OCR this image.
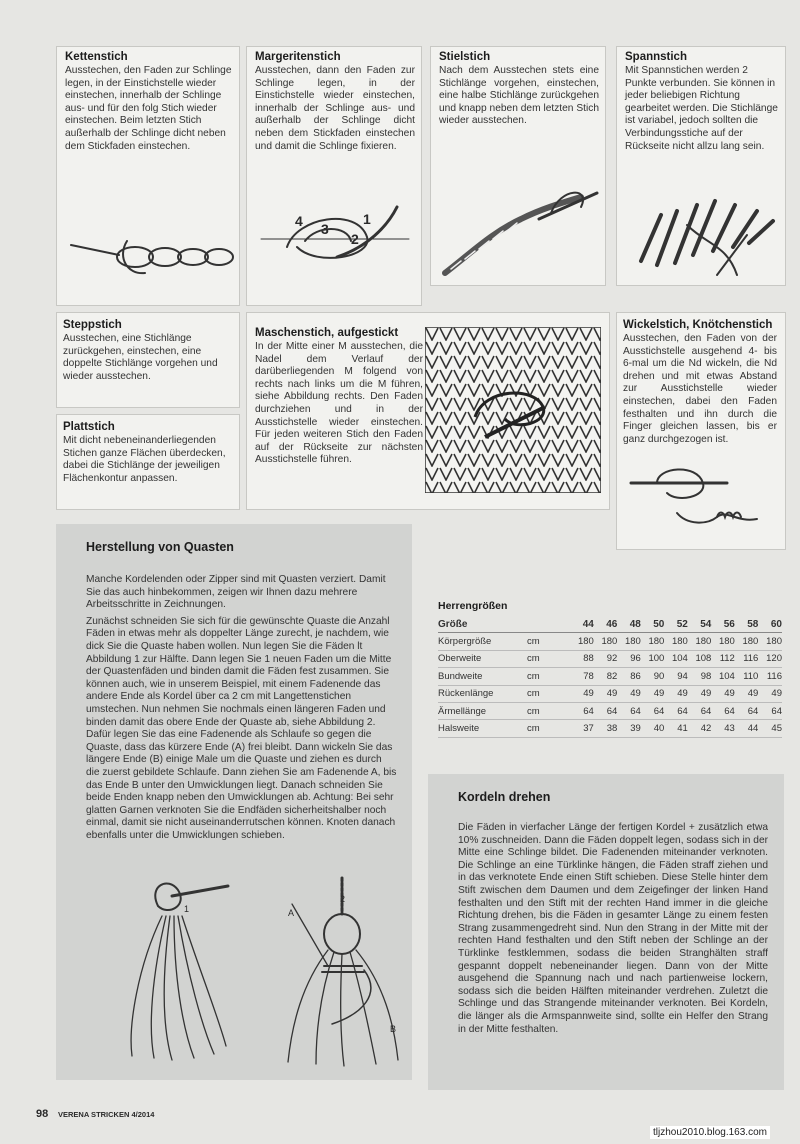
Kettenstich

Ausstechen, den Faden zur Schlinge legen, in der Einstichstelle wieder einstechen, innerhalb der Schlinge aus- und für den folg Stich wieder einstechen. Beim letzten Stich außerhalb der Schlinge dicht neben dem Stickfaden einstechen.

Margeritenstich

Ausstechen, dann den Faden zur Schlinge legen, in der Einstichstelle wieder einstechen, innerhalb der Schlinge aus- und außerhalb der Schlinge dicht neben dem Stickfaden einstechen und damit die Schlinge fixieren.

4 3
2
1
Stielstich

Nach dem Ausstechen stets eine Stichlänge vorgehen, einstechen, eine halbe Stichlänge zurückgehen und knapp neben dem letzten Stich wieder ausstechen.

Spannstich

Mit Spannstichen werden 2 Punkte verbunden. Sie können in jeder beliebigen Richtung gearbeitet werden. Die Stichlänge ist variabel, jedoch sollten die Verbindungsstiche auf der Rückseite nicht allzu lang sein.

Steppstich

Ausstechen, eine Stichlänge zurückgehen, einstechen, eine doppelte Stichlänge vorgehen und wieder ausstechen.

Plattstich

Mit dicht nebeneinanderliegenden Stichen ganze Flächen überdecken, dabei die Stichlänge der jeweiligen Flächenkontur anpassen.

Maschenstich, aufgestickt

In der Mitte einer M ausstechen, die Nadel dem Verlauf der darüberliegenden M folgend von rechts nach links um die M führen, siehe Abbildung rechts. Den Faden durchziehen und in der Ausstichstelle wieder einstechen. Für jeden weiteren Stich den Faden auf der Rückseite zur nächsten Ausstichstelle führen.

Wickelstich, Knötchenstich

Ausstechen, den Faden von der Ausstichstelle ausgehend 4- bis 6-mal um die Nd wickeln, die Nd drehen und mit etwas Abstand zur Ausstichstelle wieder einstechen, dabei den Faden festhalten und ihn durch die Finger gleichen lassen, bis er ganz durchgezogen ist.

Herstellung von Quasten

Manche Kordelenden oder Zipper sind mit Quasten verziert. Damit Sie das auch hinbekommen, zeigen wir Ihnen dazu mehrere Arbeitsschritte in Zeichnungen.

Zunächst schneiden Sie sich für die gewünschte Quaste die Anzahl Fäden in etwas mehr als doppelter Länge zurecht, je nachdem, wie dick Sie die Quaste haben wollen. Nun legen Sie die Fäden lt Abbildung 1 zur Hälfte. Dann legen Sie 1 neuen Faden um die Mitte der Quastenfäden und binden damit die Fäden fest zusammen. Sie können auch, wie in unserem Beispiel, mit einem Fadenende das andere Ende als Kordel über ca 2 cm mit Langettenstichen umstechen. Nun nehmen Sie nochmals einen längeren Faden und binden damit das obere Ende der Quaste ab, siehe Abbildung 2. Dafür legen Sie das eine Fadenende als Schlaufe so gegen die Quaste, dass das kürzere Ende (A) frei bleibt. Dann wickeln Sie das längere Ende (B) einige Male um die Quaste und ziehen es durch die zuerst gebildete Schlaufe. Dann ziehen Sie am Fadenende A, bis das Ende B unter den Umwicklungen liegt. Danach schneiden Sie beide Enden knapp neben den Umwicklungen ab. Achtung: Bei sehr glatten Garnen verknoten Sie die Endfäden sicherheitshalber noch einmal, damit sie nicht auseinanderrutschen können. Knoten danach ebenfalls unter die Umwicklungen schieben.

1	A
2
B
Herrengrößen
Größe		44	46	48	50	52	54	56	58	60
Körpergröße	cm	180	180	180	180	180	180	180	180	180
Oberweite	cm	88	92	96	100	104	108	112	116	120
Bundweite	cm	78	82	86	90	94	98	104	110	116
Rückenlänge	cm	49	49	49	49	49	49	49	49	49
Ärmellänge	cm	64	64	64	64	64	64	64	64	64
Halsweite	cm	37	38	39	40	41	42	43	44	45
Kordeln drehen

Die Fäden in vierfacher Länge der fertigen Kordel + zusätzlich etwa 10% zuschneiden. Dann die Fäden doppelt legen, sodass sich in der Mitte eine Schlinge bildet. Die Fadenenden miteinander verknoten. Die Schlinge an eine Türklinke hängen, die Fäden straff ziehen und in das verknotete Ende einen Stift schieben. Diese Stelle hinter dem Stift zwischen dem Daumen und dem Zeigefinger der linken Hand festhalten und den Stift mit der rechten Hand immer in die gleiche Richtung drehen, bis die Fäden in gesamter Länge zu einem festen Strang zusammengedreht sind. Nun den Strang in der Mitte mit der rechten Hand festhalten und den Stift neben der Schlinge an der Türklinke festklemmen, sodass die beiden Stranghälten straff gespannt doppelt nebeneinander liegen. Dann von der Mitte ausgehend die Spannung nach und nach partienweise lockern, sodass sich die beiden Hälften miteinander verdrehen. Zuletzt die Schlinge und das Strangende miteinander verknoten. Bei Kordeln, die länger als die Armspannweite sind, sollte ein Helfer den Strang in der Mitte festhalten.

98 VERENA STRICKEN 4/2014
tljzhou2010.blog.163.com
